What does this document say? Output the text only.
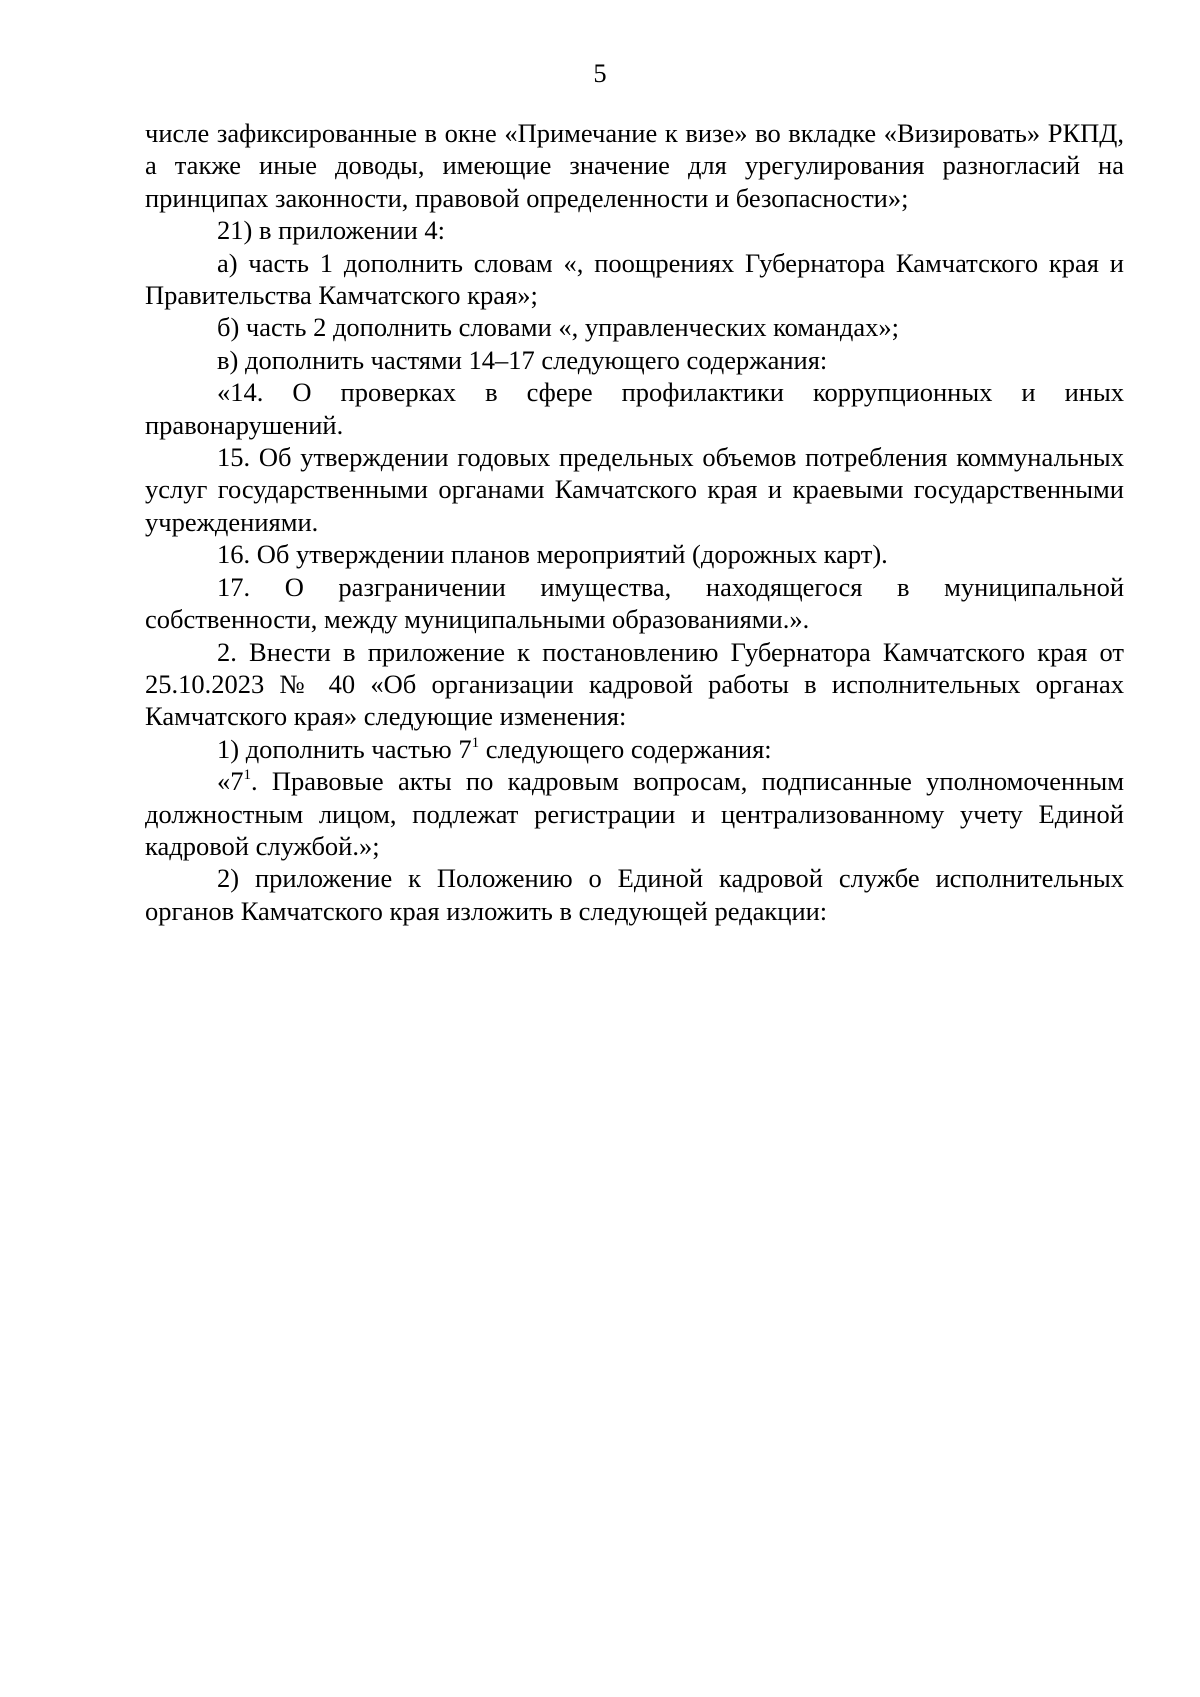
5

числе зафиксированные в окне «Примечание к визе» во вкладке «Визировать» РКПД, а также иные доводы, имеющие значение для урегулирования разногласий на принципах законности, правовой определенности и безопасности»;

21) в приложении 4:

а) часть 1 дополнить словам «, поощрениях Губернатора Камчатского края и Правительства Камчатского края»;

б) часть 2 дополнить словами «, управленческих командах»;

в) дополнить частями 14–17 следующего содержания:

«14. О проверках в сфере профилактики коррупционных и иных правонарушений.

15. Об утверждении годовых предельных объемов потребления коммунальных услуг государственными органами Камчатского края и краевыми государственными учреждениями.

16. Об утверждении планов мероприятий (дорожных карт).

17. О разграничении имущества, находящегося в муниципальной собственности, между муниципальными образованиями.».

2. Внести в приложение к постановлению Губернатора Камчатского края от 25.10.2023 № 40 «Об организации кадровой работы в исполнительных органах Камчатского края» следующие изменения:

1) дополнить частью $7^1$ следующего содержания:

«$7^1$. Правовые акты по кадровым вопросам, подписанные уполномоченным должностным лицом, подлежат регистрации и централизованному учету Единой кадровой службой.»;

2) приложение к Положению о Единой кадровой службе исполнительных органов Камчатского края изложить в следующей редакции:
